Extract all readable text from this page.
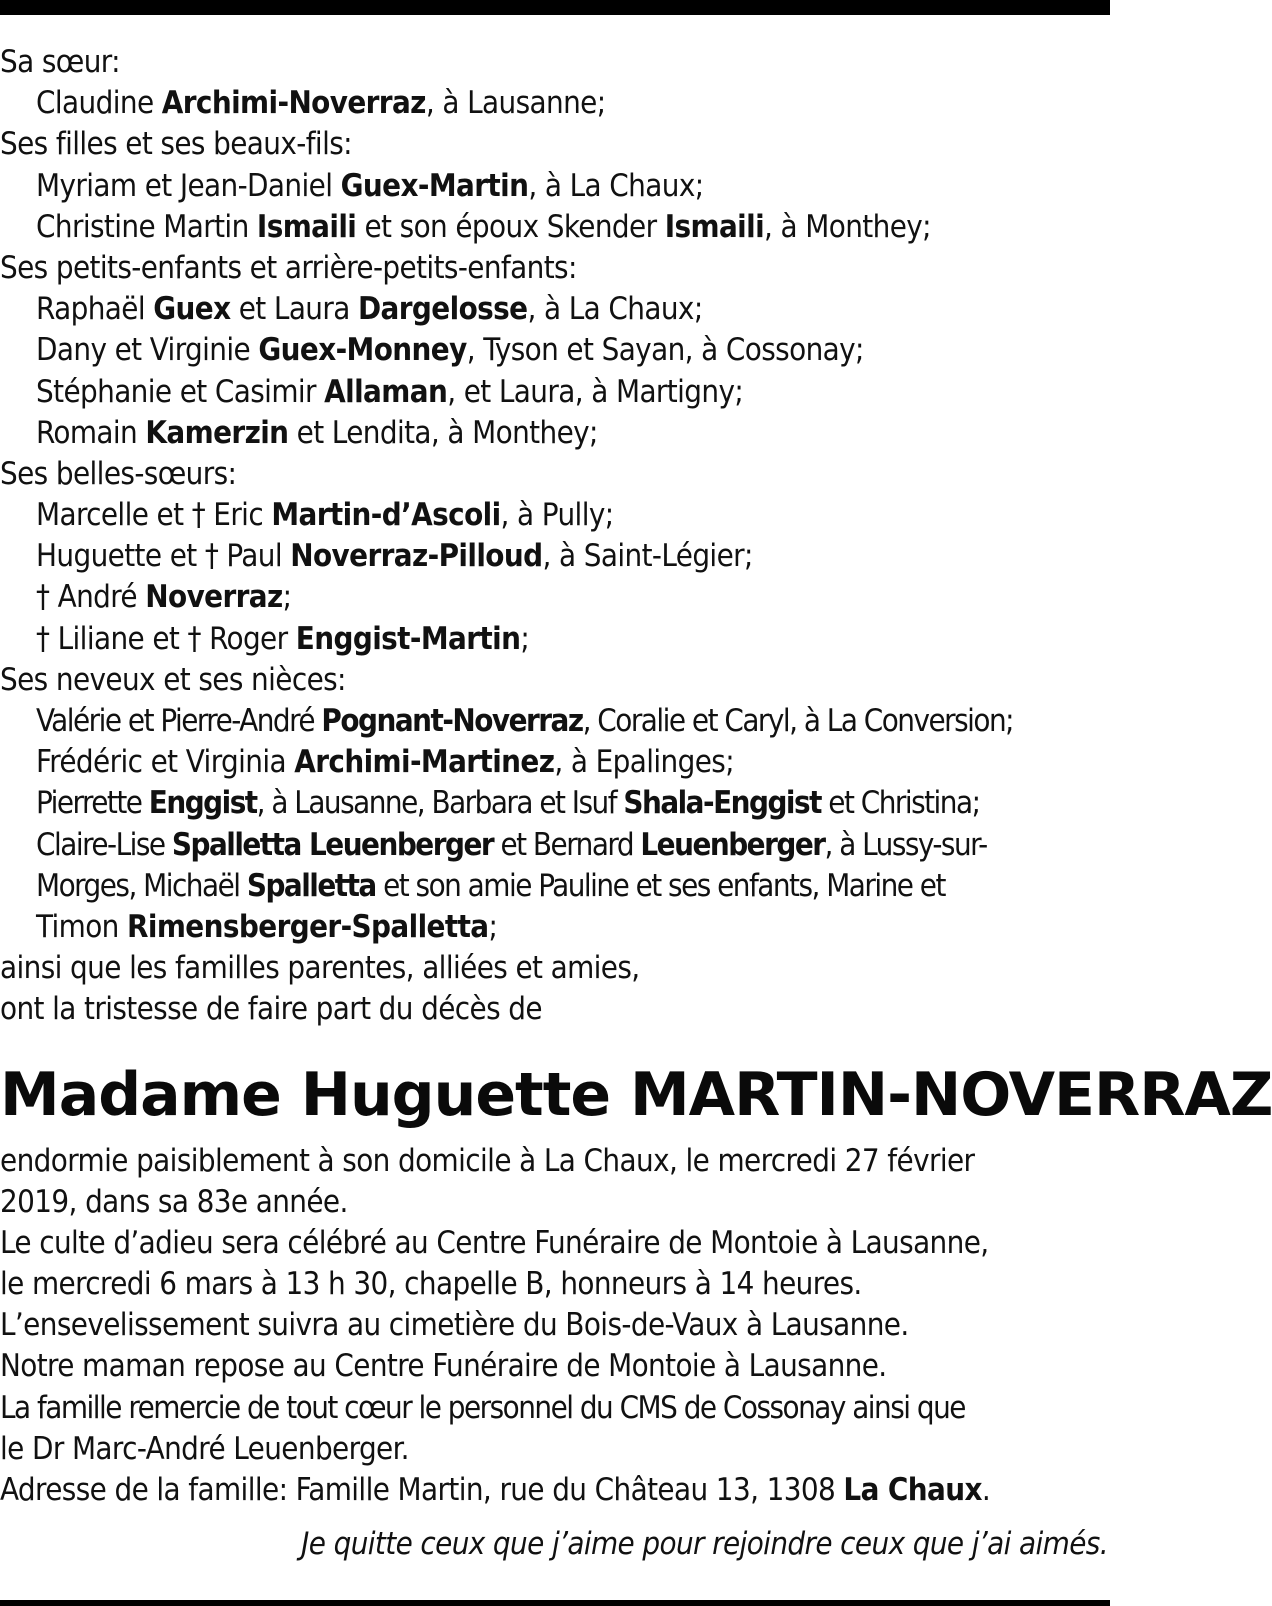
Sa sœur:
Claudine Archimi-Noverraz, à Lausanne;
Ses filles et ses beaux-fils:
Myriam et Jean-Daniel Guex-Martin, à La Chaux;
Christine Martin Ismaili et son époux Skender Ismaili, à Monthey;
Ses petits-enfants et arrière-petits-enfants:
Raphaël Guex et Laura Dargelosse, à La Chaux;
Dany et Virginie Guex-Monney, Tyson et Sayan, à Cossonay;
Stéphanie et Casimir Allaman, et Laura, à Martigny;
Romain Kamerzin et Lendita, à Monthey;
Ses belles-sœurs:
Marcelle et † Eric Martin-d’Ascoli, à Pully;
Huguette et † Paul Noverraz-Pilloud, à Saint-Légier;
† André Noverraz;
† Liliane et † Roger Enggist-Martin;
Ses neveux et ses nièces:
Valérie et Pierre-André Pognant-Noverraz, Coralie et Caryl, à La Conversion;
Frédéric et Virginia Archimi-Martinez, à Epalinges;
Pierrette Enggist, à Lausanne, Barbara et Isuf Shala-Enggist et Christina;
Claire-Lise Spalletta Leuenberger et Bernard Leuenberger, à Lussy-sur-
Morges, Michaël Spalletta et son amie Pauline et ses enfants, Marine et
Timon Rimensberger-Spalletta;
ainsi que les familles parentes, alliées et amies,
ont la tristesse de faire part du décès de
Madame Huguette MARTIN-NOVERRAZ
endormie paisiblement à son domicile à La Chaux, le mercredi 27 février
2019, dans sa 83e année.
Le culte d’adieu sera célébré au Centre Funéraire de Montoie à Lausanne,
le mercredi 6 mars à 13 h 30, chapelle B, honneurs à 14 heures.
L’ensevelissement suivra au cimetière du Bois-de-Vaux à Lausanne.
Notre maman repose au Centre Funéraire de Montoie à Lausanne.
La famille remercie de tout cœur le personnel du CMS de Cossonay ainsi que
le Dr Marc-André Leuenberger.
Adresse de la famille: Famille Martin, rue du Château 13, 1308 La Chaux.
Je quitte ceux que j’aime pour rejoindre ceux que j’ai aimés.
